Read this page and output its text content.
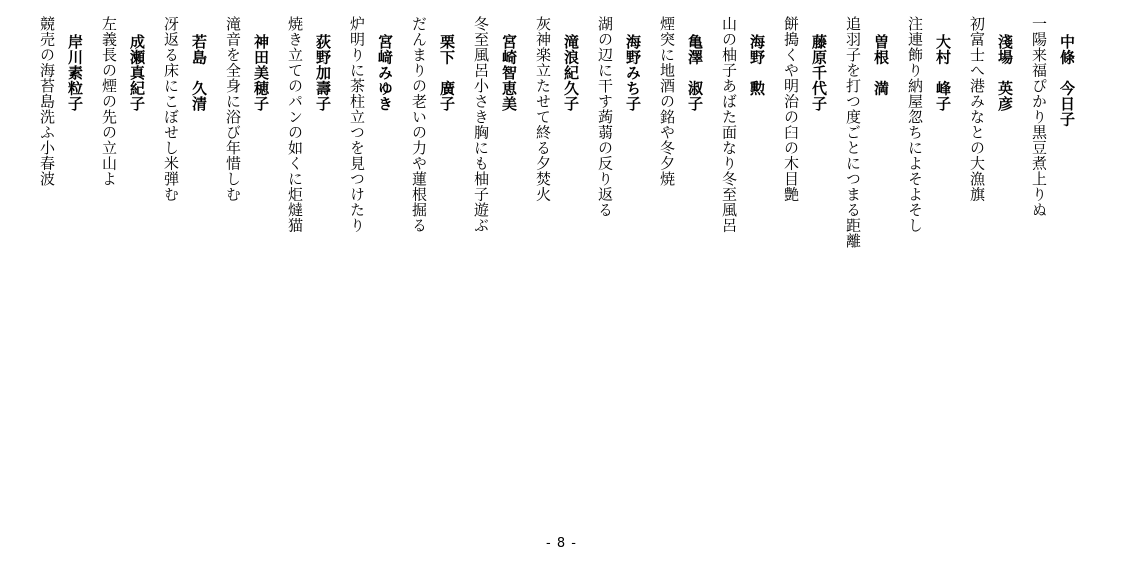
中條　今日子
一陽来福ぴかり黒豆煮上りぬ
淺場　英彦
初富士へ港みなとの大漁旗
大村　峰子
注連飾り納屋忽ちによそよそし
曽根　満
追羽子を打つ度ごとにつまる距離
藤原千代子
餅搗くや明治の臼の木目艶
海野　勲
山の柚子あばた面なり冬至風呂
亀澤　淑子
煙突に地酒の銘や冬夕焼
海野みち子
湖の辺に干す蒟蒻の反り返る
滝浪紀久子
灰神楽立たせて終る夕焚火
宮崎智恵美
冬至風呂小さき胸にも柚子遊ぶ
栗下　廣子
だんまりの老いの力や蓮根掘る
宮﨑みゆき
炉明りに茶柱立つを見つけたり
荻野加壽子
焼き立てのパンの如くに炬燵猫
神田美穂子
滝音を全身に浴び年惜しむ
若島　久清
冴返る床にこぼせし米弾む
成瀬真紀子
左義長の煙の先の立山よ
岸川素粒子
競売の海苔島洗ふ小春波
- 8 -
